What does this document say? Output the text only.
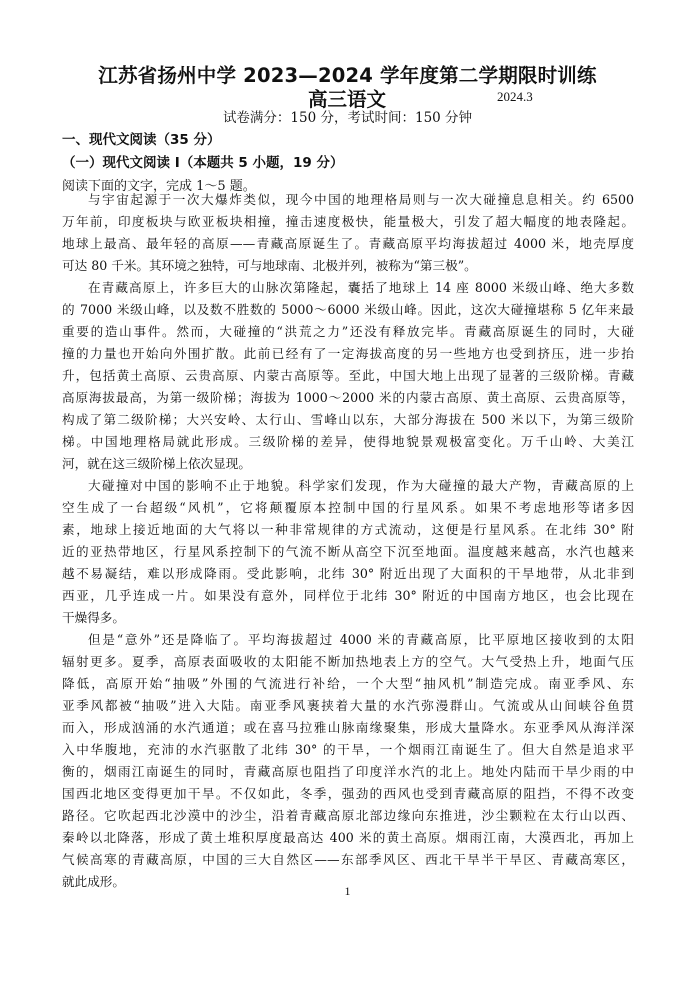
江苏省扬州中学 2023—2024 学年度第二学期限时训练
高三语文	2024.3
试卷满分：150 分，考试时间：150 分钟
一、现代文阅读（35 分）
（一）现代文阅读 I（本题共 5 小题，19 分）
阅读下面的文字，完成 1～5 题。
与宇宙起源于一次大爆炸类似，现今中国的地理格局则与一次大碰撞息息相关。约 6500
万年前，印度板块与欧亚板块相撞，撞击速度极快，能量极大，引发了超大幅度的地表隆起。
地球上最高、最年轻的高原——青藏高原诞生了。青藏高原平均海拔超过 4000 米，地壳厚度
可达 80 千米。其环境之独特，可与地球南、北极并列，被称为“第三极”。
在青藏高原上，许多巨大的山脉次第隆起，囊括了地球上 14 座 8000 米级山峰、绝大多数
的 7000 米级山峰，以及数不胜数的 5000～6000 米级山峰。因此，这次大碰撞堪称 5 亿年来最
重要的造山事件。然而，大碰撞的“洪荒之力”还没有释放完毕。青藏高原诞生的同时，大碰
撞的力量也开始向外围扩散。此前已经有了一定海拔高度的另一些地方也受到挤压，进一步抬
升，包括黄土高原、云贵高原、内蒙古高原等。至此，中国大地上出现了显著的三级阶梯。青藏
高原海拔最高，为第一级阶梯；海拔为 1000～2000 米的内蒙古高原、黄土高原、云贵高原等，
构成了第二级阶梯；大兴安岭、太行山、雪峰山以东，大部分海拔在 500 米以下，为第三级阶
梯。中国地理格局就此形成。三级阶梯的差异，使得地貌景观极富变化。万千山岭、大美江
河，就在这三级阶梯上依次显现。
大碰撞对中国的影响不止于地貌。科学家们发现，作为大碰撞的最大产物，青藏高原的上
空生成了一台超级“风机”，它将颠覆原本控制中国的行星风系。如果不考虑地形等诸多因
素，地球上接近地面的大气将以一种非常规律的方式流动，这便是行星风系。在北纬 30° 附
近的亚热带地区，行星风系控制下的气流不断从高空下沉至地面。温度越来越高，水汽也越来
越不易凝结，难以形成降雨。受此影响，北纬 30° 附近出现了大面积的干旱地带，从北非到
西亚，几乎连成一片。如果没有意外，同样位于北纬 30° 附近的中国南方地区，也会比现在
干燥得多。
但是“意外”还是降临了。平均海拔超过 4000 米的青藏高原，比平原地区接收到的太阳
辐射更多。夏季，高原表面吸收的太阳能不断加热地表上方的空气。大气受热上升，地面气压
降低，高原开始“抽吸”外围的气流进行补给，一个大型“抽风机”制造完成。南亚季风、东
亚季风都被“抽吸”进入大陆。南亚季风裹挟着大量的水汽弥漫群山。气流或从山间峡谷鱼贯
而入，形成汹涌的水汽通道；或在喜马拉雅山脉南缘聚集，形成大量降水。东亚季风从海洋深
入中华腹地，充沛的水汽驱散了北纬 30° 的干旱，一个烟雨江南诞生了。但大自然是追求平
衡的，烟雨江南诞生的同时，青藏高原也阻挡了印度洋水汽的北上。地处内陆而干旱少雨的中
国西北地区变得更加干旱。不仅如此，冬季，强劲的西风也受到青藏高原的阻挡，不得不改变
路径。它吹起西北沙漠中的沙尘，沿着青藏高原北部边缘向东推进，沙尘颗粒在太行山以西、
秦岭以北降落，形成了黄土堆积厚度最高达 400 米的黄土高原。烟雨江南，大漠西北，再加上
气候高寒的青藏高原，中国的三大自然区——东部季风区、西北干旱半干旱区、青藏高寒区，
就此成形。
1
